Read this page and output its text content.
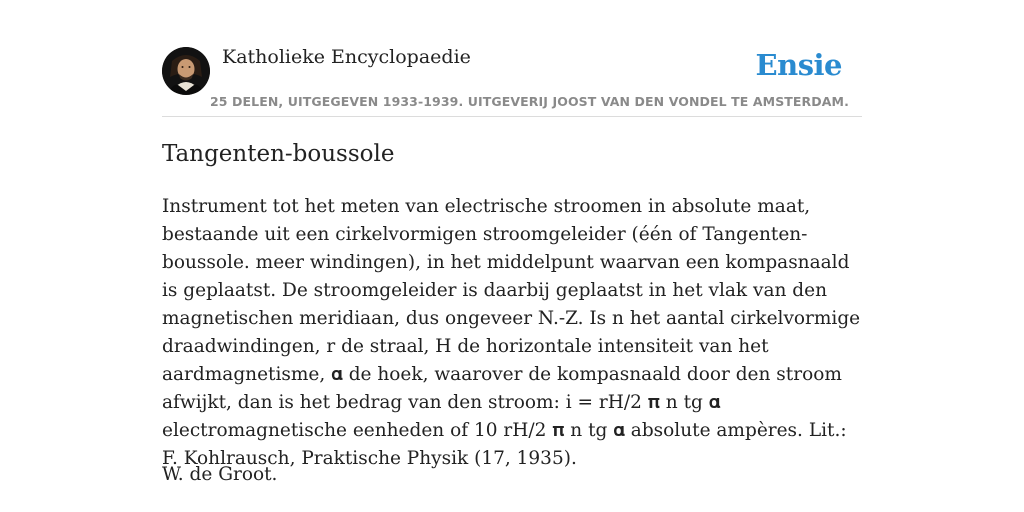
Katholieke Encyclopaedie	Ensie
25 DELEN, UITGEGEVEN 1933-1939. UITGEVERIJ JOOST VAN DEN VONDEL TE AMSTERDAM.
Tangenten-boussole

Instrument tot het meten van electrische stroomen in absolute maat, bestaande uit een cirkelvormigen stroomgeleider (één of Tangenten-boussole. meer windingen), in het middelpunt waarvan een kompasnaald is geplaatst. De stroomgeleider is daarbij geplaatst in het vlak van den magnetischen meridiaan, dus ongeveer N.-Z. Is n het aantal cirkelvormige draadwindingen, r de straal, H de horizontale intensiteit van het aardmagnetisme, 𝛂 de hoek, waarover de kompasnaald door den stroom afwijkt, dan is het bedrag van den stroom: i = rH/2 𝛑 n tg 𝛂 electromagnetische eenheden of 10 rH/2 𝛑 n tg 𝛂 absolute ampères. Lit.: F. Kohlrausch, Praktische Physik (17, 1935).

W. de Groot.
